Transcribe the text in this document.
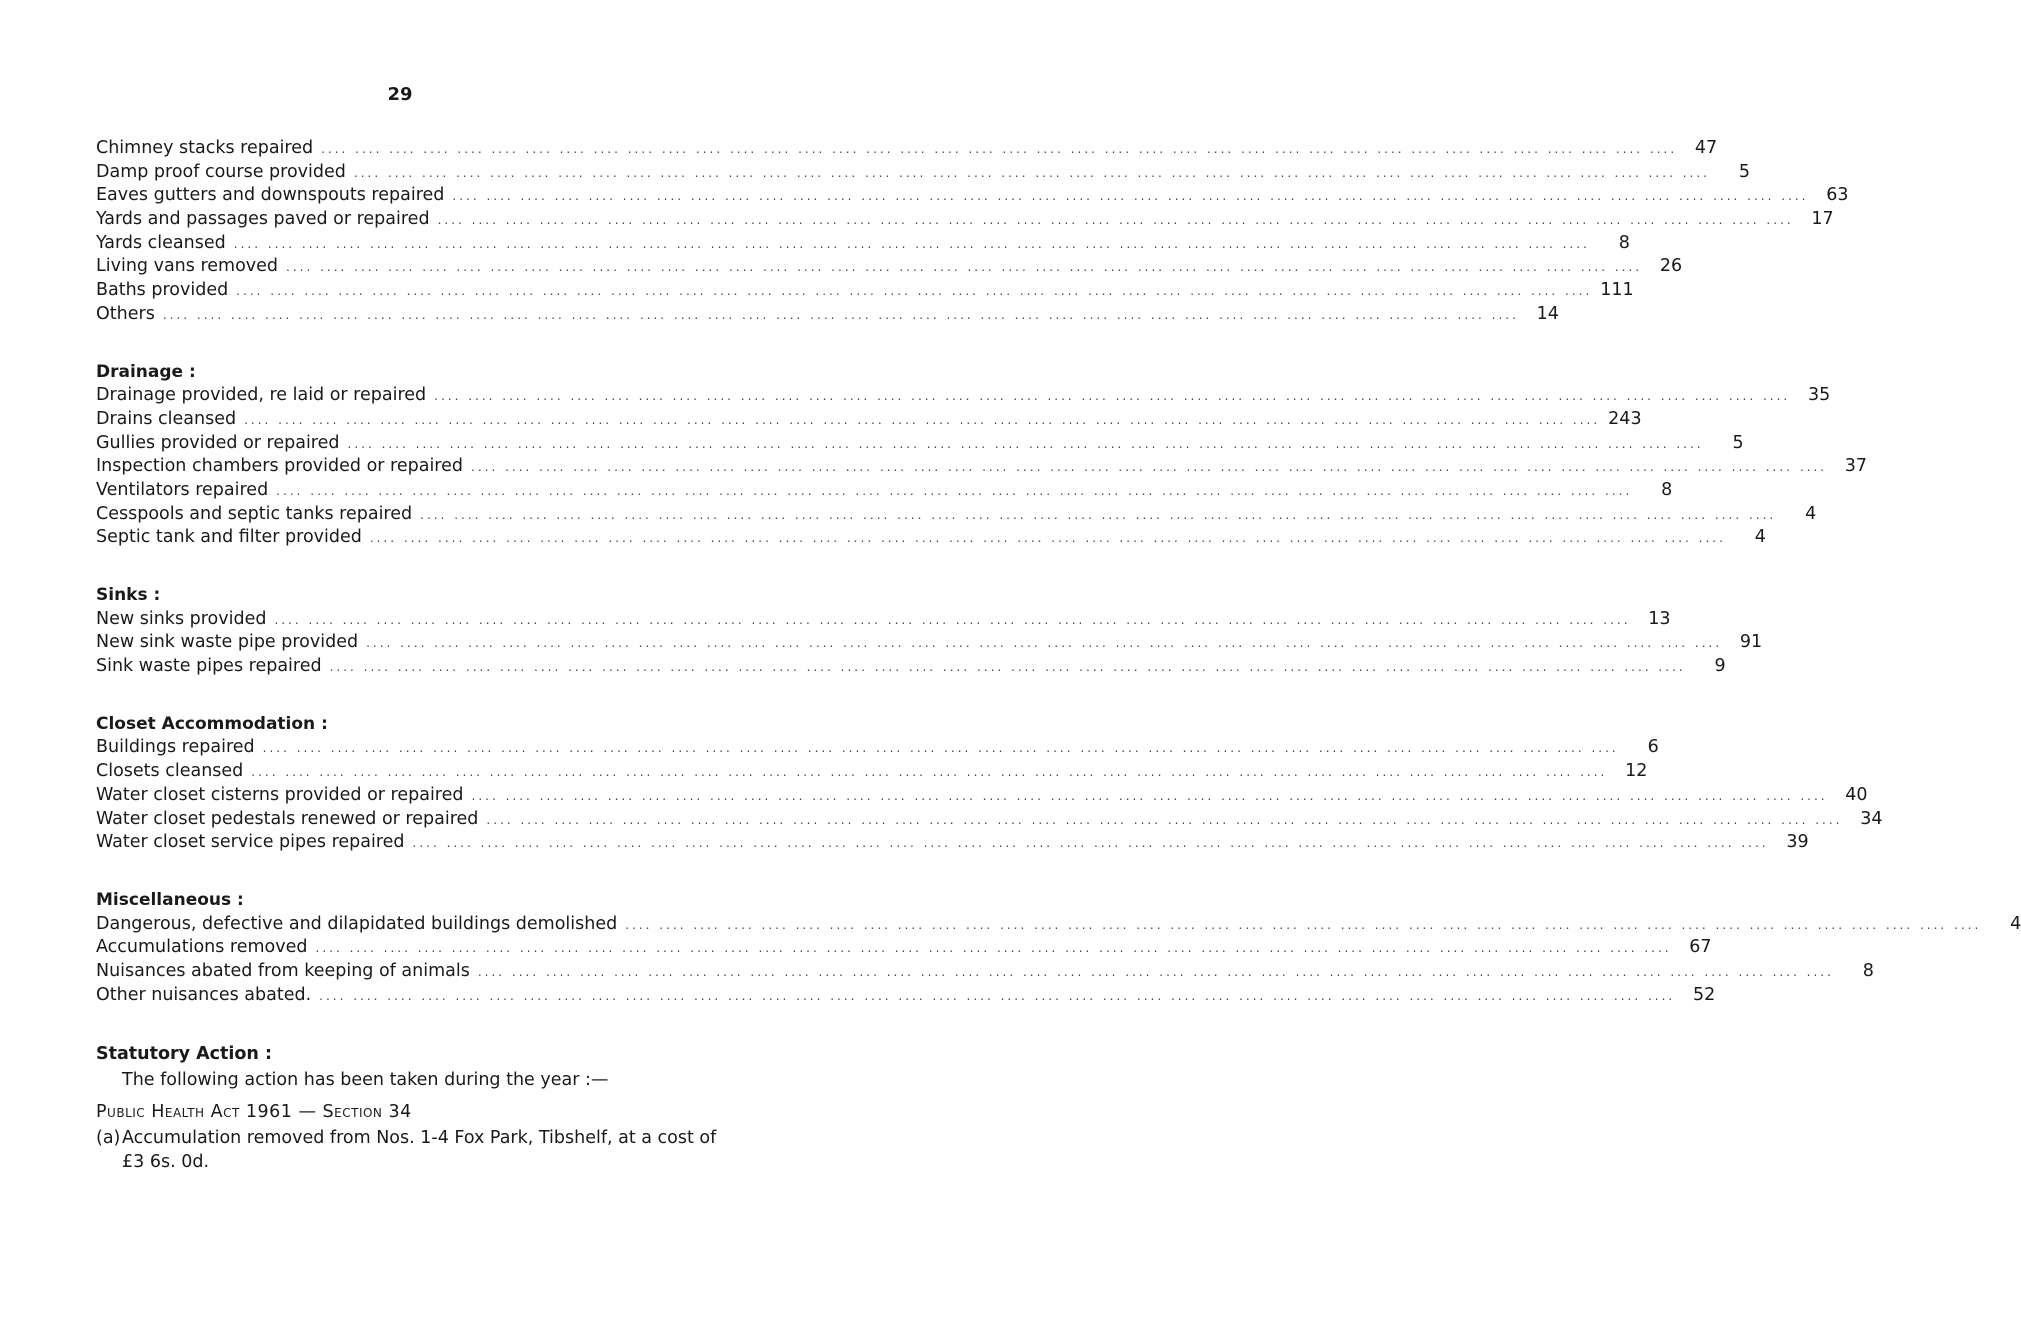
29
Chimney stacks repaired .... .... .... .... .... .... .... .... .... .... .... .... .... .... .... .... .... .... .... .... .... .... .... .... .... .... .... .... .... .... .... .... .... .... .... .... .... .... .... ....	47
Damp proof course provided .... .... .... .... .... .... .... .... .... .... .... .... .... .... .... .... .... .... .... .... .... .... .... .... .... .... .... .... .... .... .... .... .... .... .... .... .... .... .... ....	5
Eaves gutters and downspouts repaired .... .... .... .... .... .... .... .... .... .... .... .... .... .... .... .... .... .... .... .... .... .... .... .... .... .... .... .... .... .... .... .... .... .... .... .... .... .... .... ....	63
Yards and passages paved or repaired .... .... .... .... .... .... .... .... .... .... .... .... .... .... .... .... .... .... .... .... .... .... .... .... .... .... .... .... .... .... .... .... .... .... .... .... .... .... .... ....	17
Yards cleansed .... .... .... .... .... .... .... .... .... .... .... .... .... .... .... .... .... .... .... .... .... .... .... .... .... .... .... .... .... .... .... .... .... .... .... .... .... .... .... ....	8
Living vans removed .... .... .... .... .... .... .... .... .... .... .... .... .... .... .... .... .... .... .... .... .... .... .... .... .... .... .... .... .... .... .... .... .... .... .... .... .... .... .... ....	26
Baths provided .... .... .... .... .... .... .... .... .... .... .... .... .... .... .... .... .... .... .... .... .... .... .... .... .... .... .... .... .... .... .... .... .... .... .... .... .... .... .... .... 111
Others .... .... .... .... .... .... .... .... .... .... .... .... .... .... .... .... .... .... .... .... .... .... .... .... .... .... .... .... .... .... .... .... .... .... .... .... .... .... .... ....	14
Drainage :
Drainage provided, re laid or repaired .... .... .... .... .... .... .... .... .... .... .... .... .... .... .... .... .... .... .... .... .... .... .... .... .... .... .... .... .... .... .... .... .... .... .... .... .... .... .... ....	35
Drains cleansed .... .... .... .... .... .... .... .... .... .... .... .... .... .... .... .... .... .... .... .... .... .... .... .... .... .... .... .... .... .... .... .... .... .... .... .... .... .... .... .... 243
Gullies provided or repaired .... .... .... .... .... .... .... .... .... .... .... .... .... .... .... .... .... .... .... .... .... .... .... .... .... .... .... .... .... .... .... .... .... .... .... .... .... .... .... ....	5
Inspection chambers provided or repaired .... .... .... .... .... .... .... .... .... .... .... .... .... .... .... .... .... .... .... .... .... .... .... .... .... .... .... .... .... .... .... .... .... .... .... .... .... .... .... ....	37
Ventilators repaired .... .... .... .... .... .... .... .... .... .... .... .... .... .... .... .... .... .... .... .... .... .... .... .... .... .... .... .... .... .... .... .... .... .... .... .... .... .... .... ....	8
Cesspools and septic tanks repaired .... .... .... .... .... .... .... .... .... .... .... .... .... .... .... .... .... .... .... .... .... .... .... .... .... .... .... .... .... .... .... .... .... .... .... .... .... .... .... ....	4
Septic tank and filter provided .... .... .... .... .... .... .... .... .... .... .... .... .... .... .... .... .... .... .... .... .... .... .... .... .... .... .... .... .... .... .... .... .... .... .... .... .... .... .... ....	4
Sinks :
New sinks provided .... .... .... .... .... .... .... .... .... .... .... .... .... .... .... .... .... .... .... .... .... .... .... .... .... .... .... .... .... .... .... .... .... .... .... .... .... .... .... ....	13
New sink waste pipe provided .... .... .... .... .... .... .... .... .... .... .... .... .... .... .... .... .... .... .... .... .... .... .... .... .... .... .... .... .... .... .... .... .... .... .... .... .... .... .... ....	91
Sink waste pipes repaired .... .... .... .... .... .... .... .... .... .... .... .... .... .... .... .... .... .... .... .... .... .... .... .... .... .... .... .... .... .... .... .... .... .... .... .... .... .... .... ....	9
Closet Accommodation :
Buildings repaired .... .... .... .... .... .... .... .... .... .... .... .... .... .... .... .... .... .... .... .... .... .... .... .... .... .... .... .... .... .... .... .... .... .... .... .... .... .... .... ....	6
Closets cleansed .... .... .... .... .... .... .... .... .... .... .... .... .... .... .... .... .... .... .... .... .... .... .... .... .... .... .... .... .... .... .... .... .... .... .... .... .... .... .... ....	12
Water closet cisterns provided or repaired .... .... .... .... .... .... .... .... .... .... .... .... .... .... .... .... .... .... .... .... .... .... .... .... .... .... .... .... .... .... .... .... .... .... .... .... .... .... .... ....	40
Water closet pedestals renewed or repaired .... .... .... .... .... .... .... .... .... .... .... .... .... .... .... .... .... .... .... .... .... .... .... .... .... .... .... .... .... .... .... .... .... .... .... .... .... .... .... ....	34
Water closet service pipes repaired .... .... .... .... .... .... .... .... .... .... .... .... .... .... .... .... .... .... .... .... .... .... .... .... .... .... .... .... .... .... .... .... .... .... .... .... .... .... .... ....	39
Miscellaneous :
Dangerous, defective and dilapidated buildings demolished .... .... .... .... .... .... .... .... .... .... .... .... .... .... .... .... .... .... .... .... .... .... .... .... .... .... .... .... .... .... .... .... .... .... .... .... .... .... .... ....	4
Accumulations removed .... .... .... .... .... .... .... .... .... .... .... .... .... .... .... .... .... .... .... .... .... .... .... .... .... .... .... .... .... .... .... .... .... .... .... .... .... .... .... ....	67
Nuisances abated from keeping of animals .... .... .... .... .... .... .... .... .... .... .... .... .... .... .... .... .... .... .... .... .... .... .... .... .... .... .... .... .... .... .... .... .... .... .... .... .... .... .... ....	8
Other nuisances abated. .... .... .... .... .... .... .... .... .... .... .... .... .... .... .... .... .... .... .... .... .... .... .... .... .... .... .... .... .... .... .... .... .... .... .... .... .... .... .... ....	52
Statutory Action :
The following action has been taken during the year :—
Public Health Act 1961 — Section 34
(a) Accumulation removed from Nos. 1-4 Fox Park, Tibshelf, at a cost of £3 6s. 0d.
